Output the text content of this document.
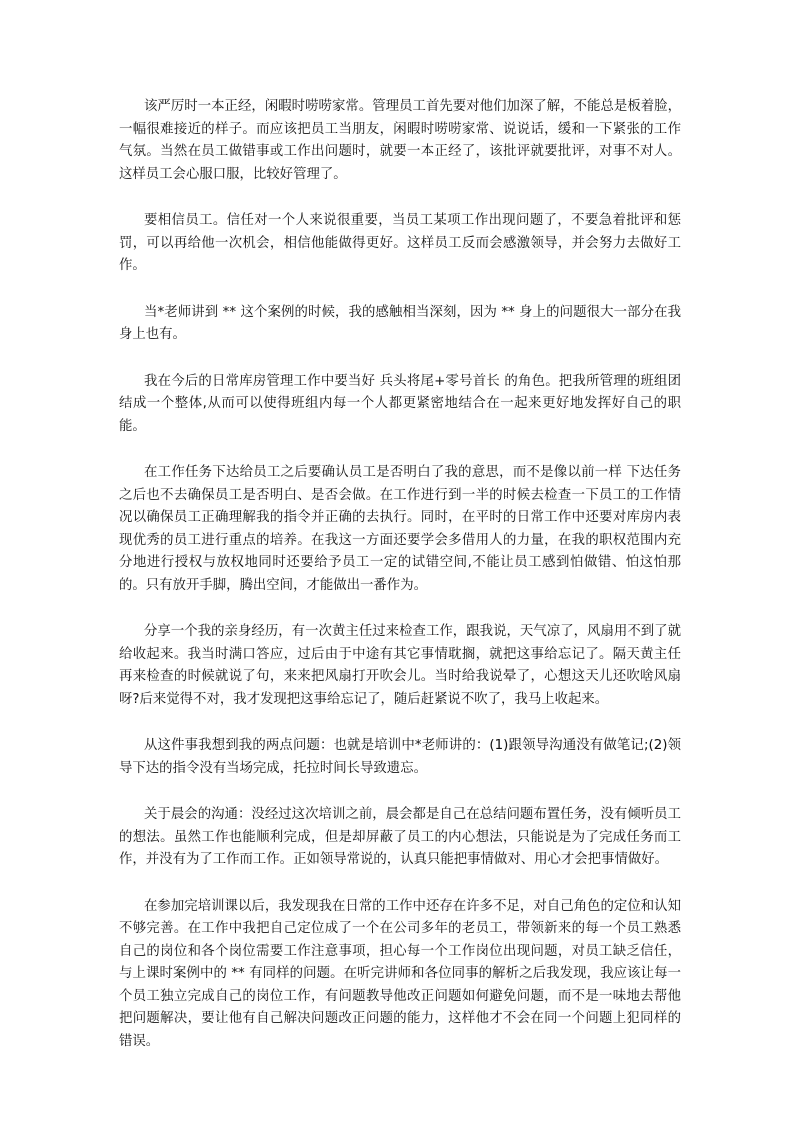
该严厉时一本正经，闲暇时唠唠家常。管理员工首先要对他们加深了解，不能总是板着脸，一幅很难接近的样子。而应该把员工当朋友，闲暇时唠唠家常、说说话，缓和一下紧张的工作气氛。当然在员工做错事或工作出问题时，就要一本正经了，该批评就要批评，对事不对人。这样员工会心服口服，比较好管理了。

要相信员工。信任对一个人来说很重要，当员工某项工作出现问题了，不要急着批评和惩罚，可以再给他一次机会，相信他能做得更好。这样员工反而会感激领导，并会努力去做好工作。

当*老师讲到 ** 这个案例的时候，我的感触相当深刻，因为 ** 身上的问题很大一部分在我身上也有。

我在今后的日常库房管理工作中要当好 兵头将尾+零号首长 的角色。把我所管理的班组团结成一个整体,从而可以使得班组内每一个人都更紧密地结合在一起来更好地发挥好自己的职能。

在工作任务下达给员工之后要确认员工是否明白了我的意思，而不是像以前一样 下达任务之后也不去确保员工是否明白、是否会做。在工作进行到一半的时候去检查一下员工的工作情况以确保员工正确理解我的指令并正确的去执行。同时，在平时的日常工作中还要对库房内表现优秀的员工进行重点的培养。在我这一方面还要学会多借用人的力量，在我的职权范围内充分地进行授权与放权地同时还要给予员工一定的试错空间,不能让员工感到怕做错、怕这怕那的。只有放开手脚，腾出空间，才能做出一番作为。

分享一个我的亲身经历，有一次黄主任过来检查工作，跟我说，天气凉了，风扇用不到了就给收起来。我当时满口答应，过后由于中途有其它事情耽搁，就把这事给忘记了。隔天黄主任再来检查的时候就说了句，来来把风扇打开吹会儿。当时给我说晕了，心想这天儿还吹啥风扇呀?后来觉得不对，我才发现把这事给忘记了，随后赶紧说不吹了，我马上收起来。

从这件事我想到我的两点问题：也就是培训中*老师讲的：(1)跟领导沟通没有做笔记;(2)领导下达的指令没有当场完成，托拉时间长导致遗忘。

关于晨会的沟通：没经过这次培训之前，晨会都是自己在总结问题布置任务，没有倾听员工的想法。虽然工作也能顺利完成，但是却屏蔽了员工的内心想法，只能说是为了完成任务而工作，并没有为了工作而工作。正如领导常说的，认真只能把事情做对、用心才会把事情做好。

在参加完培训课以后，我发现我在日常的工作中还存在许多不足，对自己角色的定位和认知不够完善。在工作中我把自己定位成了一个在公司多年的老员工，带领新来的每一个员工熟悉自己的岗位和各个岗位需要工作注意事项，担心每一个工作岗位出现问题，对员工缺乏信任，与上课时案例中的 ** 有同样的问题。在听完讲师和各位同事的解析之后我发现，我应该让每一个员工独立完成自己的岗位工作，有问题教导他改正问题如何避免问题，而不是一味地去帮他把问题解决，要让他有自己解决问题改正问题的能力，这样他才不会在同一个问题上犯同样的错误。
